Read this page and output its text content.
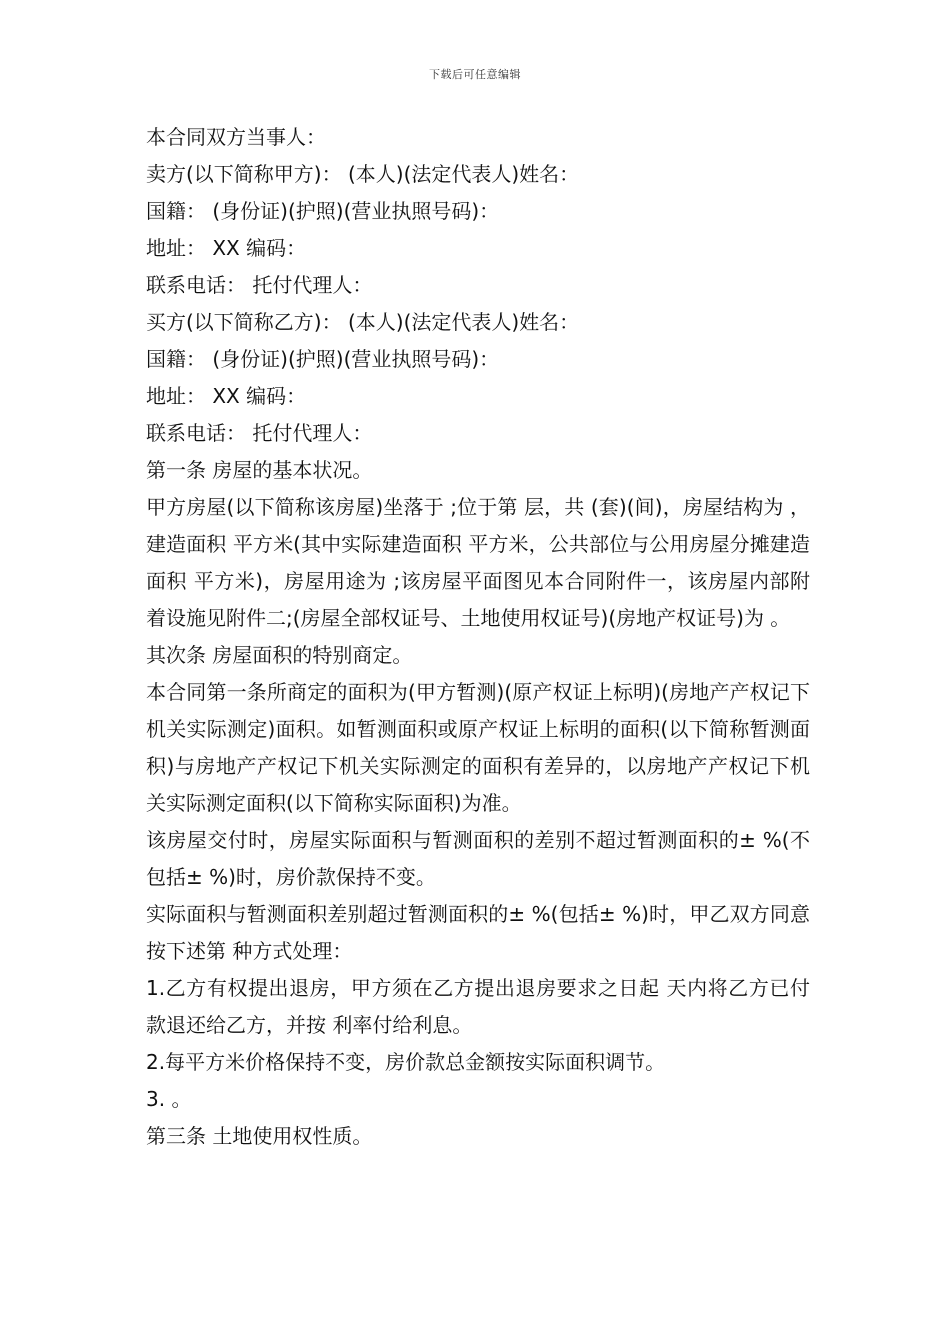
下载后可任意编辑

本合同双方当事人：

卖方(以下简称甲方)： (本人)(法定代表人)姓名：

国籍： (身份证)(护照)(营业执照号码)：

地址： XX 编码：

联系电话： 托付代理人：

买方(以下简称乙方)： (本人)(法定代表人)姓名：

国籍： (身份证)(护照)(营业执照号码)：

地址： XX 编码：

联系电话： 托付代理人：

第一条 房屋的基本状况。

甲方房屋(以下简称该房屋)坐落于 ;位于第 层，共 (套)(间)，房屋结构为 ，建造面积 平方米(其中实际建造面积 平方米，公共部位与公用房屋分摊建造面积 平方米)，房屋用途为 ;该房屋平面图见本合同附件一，该房屋内部附着设施见附件二;(房屋全部权证号、土地使用权证号)(房地产权证号)为 。

其次条 房屋面积的特别商定。

本合同第一条所商定的面积为(甲方暂测)(原产权证上标明)(房地产产权记下机关实际测定)面积。如暂测面积或原产权证上标明的面积(以下简称暂测面积)与房地产产权记下机关实际测定的面积有差异的，以房地产产权记下机关实际测定面积(以下简称实际面积)为准。

该房屋交付时，房屋实际面积与暂测面积的差别不超过暂测面积的± %(不包括± %)时，房价款保持不变。

实际面积与暂测面积差别超过暂测面积的± %(包括± %)时，甲乙双方同意按下述第 种方式处理：

1.乙方有权提出退房，甲方须在乙方提出退房要求之日起 天内将乙方已付款退还给乙方，并按 利率付给利息。

2.每平方米价格保持不变，房价款总金额按实际面积调节。

3. 。

第三条 土地使用权性质。
